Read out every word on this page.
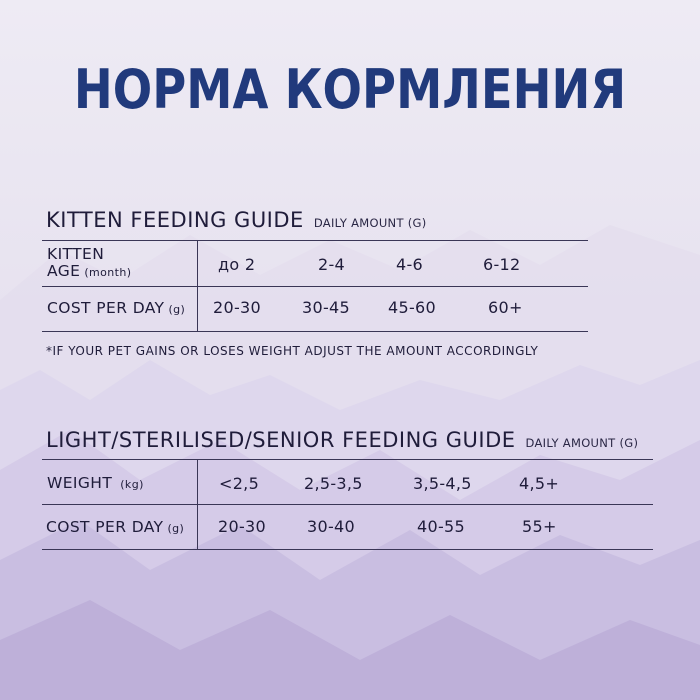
НОРМА КОРМЛЕНИЯ
KITTEN FEEDING GUIDE DAILY AMOUNT (G)
KITTEN
AGE (month)	до 2	2-4	4-6	6-12
COST PER DAY (g) 20-30	30-45 45-60	60+
*IF YOUR PET GAINS OR LOSES WEIGHT ADJUST THE AMOUNT ACCORDINGLY
LIGHT/STERILISED/SENIOR FEEDING GUIDE DAILY AMOUNT (G)
WEIGHT (kg)	<2,5	2,5-3,5	3,5-4,5	4,5+
COST PER DAY (g) 20-30	30-40	40-55	55+
